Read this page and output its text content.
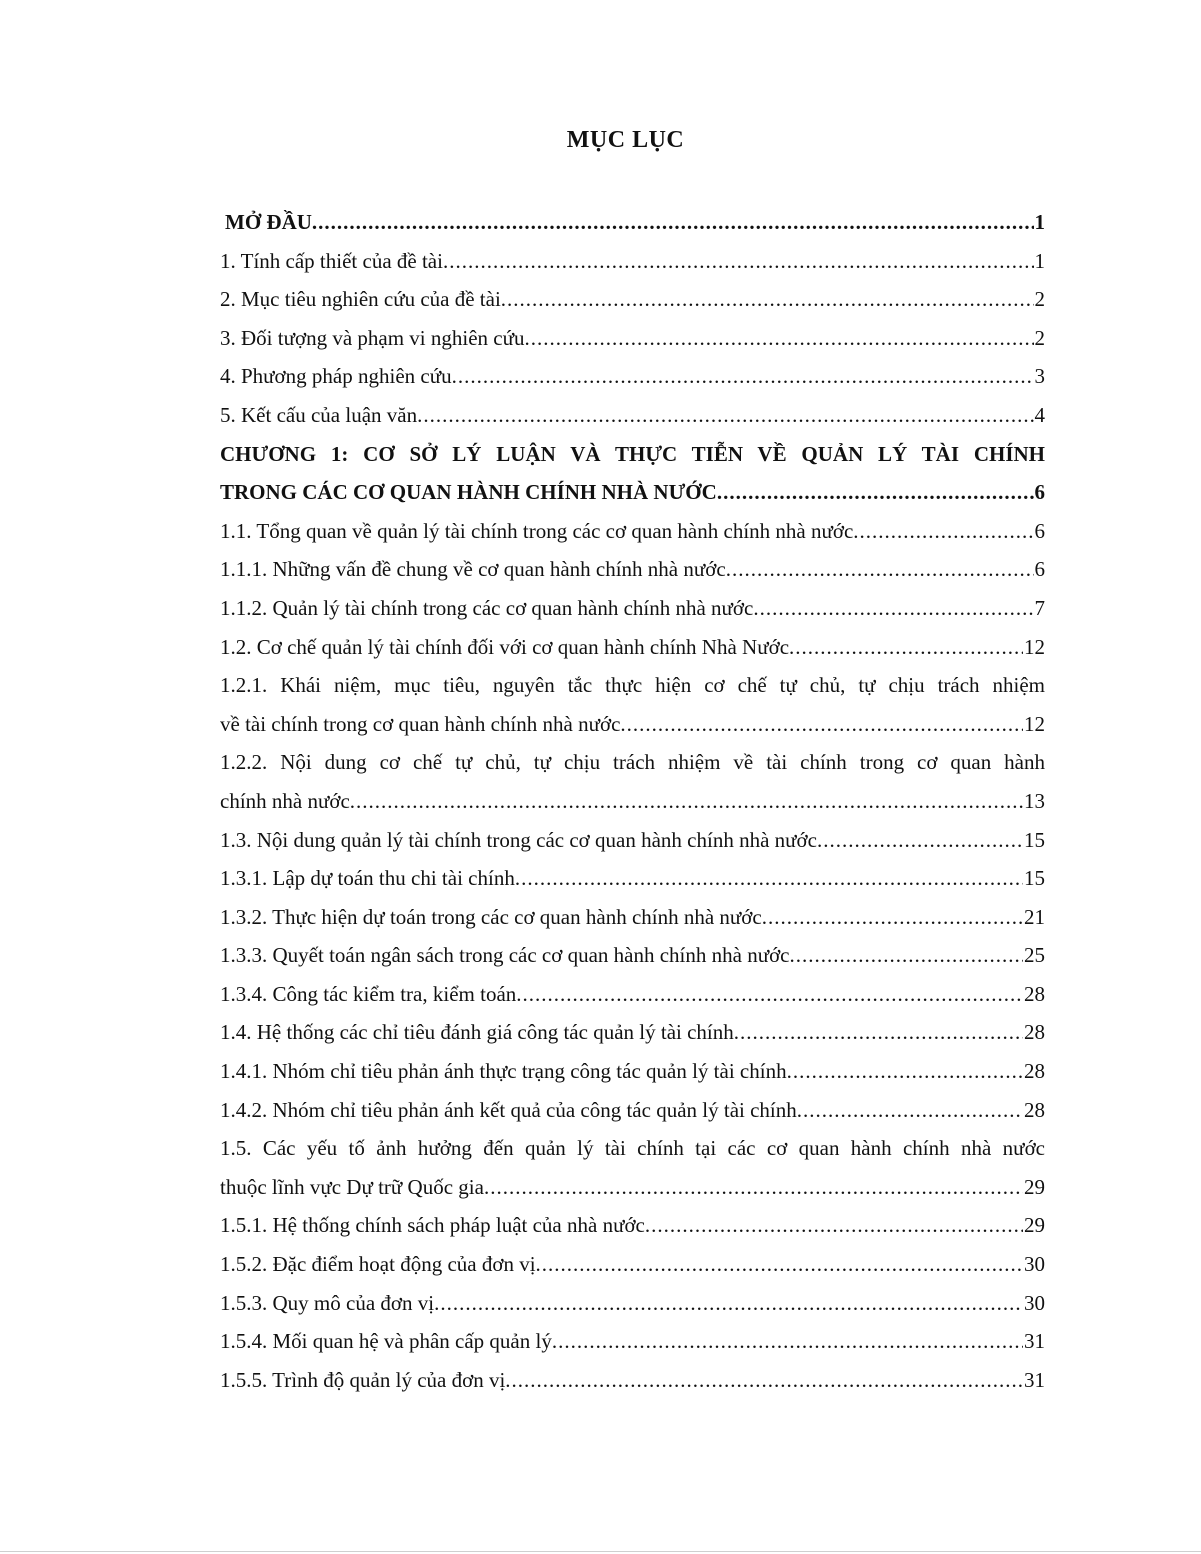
MỤC LỤC
MỞ ĐẦU .....	1
1. Tính cấp thiết của đề tài .....	1
2. Mục tiêu nghiên cứu của đề tài .....	2
3. Đối tượng và phạm vi nghiên cứu .....	2
4. Phương pháp nghiên cứu .....	3
5. Kết cấu của luận văn .....	4
CHƯƠNG 1: CƠ SỞ LÝ LUẬN VÀ THỰC TIỄN VỀ QUẢN LÝ TÀI CHÍNH
TRONG CÁC CƠ QUAN HÀNH CHÍNH NHÀ NƯỚC .....	6
1.1. Tổng quan về quản lý tài chính trong các cơ quan hành chính nhà nước .....	6
1.1.1. Những vấn đề chung về cơ quan hành chính nhà nước .....	6
1.1.2. Quản lý tài chính trong các cơ quan hành chính nhà nước .....	7
1.2. Cơ chế quản lý tài chính đối với cơ quan hành chính Nhà Nước .....	12
1.2.1. Khái niệm, mục tiêu, nguyên tắc thực hiện cơ chế tự chủ, tự chịu trách nhiệm
về tài chính trong cơ quan hành chính nhà nước .....	12
1.2.2. Nội dung cơ chế tự chủ, tự chịu trách nhiệm về tài chính trong cơ quan hành
chính nhà nước .....	13
1.3. Nội dung quản lý tài chính trong các cơ quan hành chính nhà nước .....	15
1.3.1. Lập dự toán thu chi tài chính .....	15
1.3.2. Thực hiện dự toán trong các cơ quan hành chính nhà nước .....	21
1.3.3. Quyết toán ngân sách trong các cơ quan hành chính nhà nước .....	25
1.3.4. Công tác kiểm tra, kiểm toán .....	28
1.4. Hệ thống các chỉ tiêu đánh giá công tác quản lý tài chính .....	28
1.4.1. Nhóm chỉ tiêu phản ánh thực trạng công tác quản lý tài chính .....	28
1.4.2. Nhóm chỉ tiêu phản ánh kết quả của công tác quản lý tài chính .....	28
1.5. Các yếu tố ảnh hưởng đến quản lý tài chính tại các cơ quan hành chính nhà nước
thuộc lĩnh vực Dự trữ Quốc gia .....	29
1.5.1. Hệ thống chính sách pháp luật của nhà nước .....	29
1.5.2. Đặc điểm hoạt động của đơn vị .....	30
1.5.3. Quy mô của đơn vị .....	30
1.5.4. Mối quan hệ và phân cấp quản lý .....	31
1.5.5. Trình độ quản lý của đơn vị .....	31
